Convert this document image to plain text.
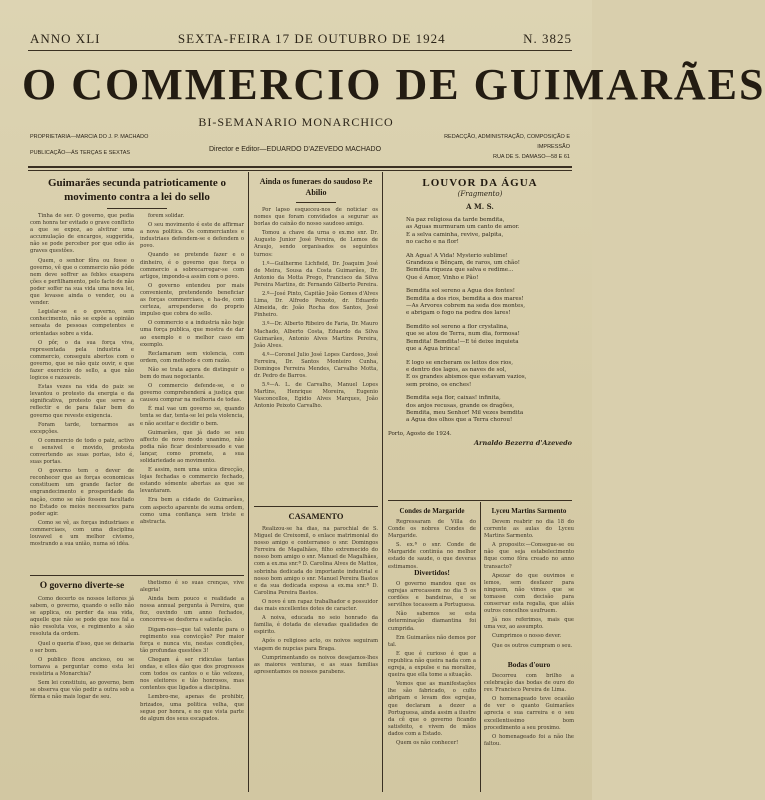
ANNO XLI	SEXTA-FEIRA 17 DE OUTUBRO DE 1924	N. 3825
O COMMERCIO DE GUIMARÃES
BI-SEMANARIO MONARCHICO
PROPRIETARIA—MARCIA DO J. P. MACHADO
PUBLICAÇÃO—ÁS TERÇAS E SEXTAS	Director e Editor—EDUARDO D'AZEVEDO MACHADO
REDACÇÃO, ADMINISTRAÇÃO, COMPOSIÇÃO E IMPRESSÃO
RUA DE S. DAMASO—58 E 61
Guimarães secunda patrioticamente o movimento contra a lei do sello

Tinha de ser. O governo, que pedia com honra ter evitado o grave conflicto a que se expoz, ao alvitrar uma accumulação de encargos, suggerida, não se pode perceber por que odio ás graves questões.

Quem, o senhor fôra ou fosse o governo, vê que o commercio não póde nem deve soffrer as febles exaspera ções e perfilhamento, pelo facto de não poder soffer na sua vida uma nova lei, que levasse ainda o vender, ou a vender.

Legislar-se e o governo, sem conhecimento, não se expõe a opinião sensata de pessoas competentes e orientadas sobre a vida.

O pôr, o da sua força viva, representada pela industria e commercio, conseguiu abertos com o governo, que se não quiz ouvir, e que fazer exercicio do sello, a que não logicos e razoaveis.

Estas vezes na vida do paiz se levantou o protesto da energia e da significativa, protesto que serve a reflectir e de para falar bem do governo que reveste exigencia.

Foram tarde, tornarmos as excepções.

O commercio de todo o paiz, activo e sensivel e movido, protesta convertendo as suas portas, isto é, suas portas.

O governo tem o dever de reconhecer que as forças economicas constituem um grande factor de engrandecimento e prosperidade da nação, como se não fossem facultado no Estado os meios necessarios para poder agir.

Como se vê, as forças industriaes e commerciaes, com uma disciplina louvavel e um melhor civismo, mostrando a sua união, numa só idéa.

forem solidar.

O seu movimento é este de affirmar a nova politica. Os commerciantes e industriaes defendem-se e defendem o povo.

Quando se pretende fazer e o dinheiro, é o governo que força o commercio a sobrecarregar-se com artigos, impondo-a assim com o povo.

O governo entendeu por mais conveniente, pretendendo beneficiar as forças commerciaes, e ha-de, com certeza, arrependerse do proprio impulso que cobra do sello.

O commercio e a industria não hoje uma força publica, que mostra de dar ao exemplo e o melhor caso em exemplo.

Reclamaram sem violencia, com ordem, com methodo e com razão.

Não se trata agora de distinguir o bem do mau negociante.

O commercio defende-se, e o governo comprehenderá a justiça que causou comprar na melhoria de todas.

É mal vae um governo se, quando tenta se dar, tenta-se lei pela violencia, e não aceitar e decidir o bem.

Guimarães, que já dado se seu affecto de novo modo unanimo, não podia não ficar desinteressado e vae lançar, como promete, a sua solidariedade ao movimento.

E assim, nem uma unica direcção, lojas fechadas o commercio fechado, estando sómente abertas as que se levantaram.

Era bem a cidade de Guimarães, com aspecto aparente de suma ordem, como uma confiança sem triste e abstracta.

O governo diverte-se

Como decerto os nossos leitores já sabem, o governo, quando o sello não se applica, ou perder da sua vida, aquelle que não se pode que nos fal a não resoluta vos, e regimento a são resoluta da ordem.

Quel o queria d'isso, que se deixaria o ser bom.

O publico ficou ancioso, ou se tornava a perguntar como esta lei resistiria a Monarchia?

Sem lei constituiu, ao governo, bem se observa que vão pedir a outra sob a fórma e não mais logar de seu.

thetismo é so suas crenças, vive alegria!

Ainda bem pouco e realidade a nossa annual pergunta à Pereira, que fez, ouvindo um anno fechados, concorreu-se desforra e satisfação.

Digam-nos—que tal valente para o regimento sua convicção? Por maior força e nunca viu, nestas condições, tão profundas questões 3!

Chegam á ser ridiculas tantas ondas, e elles dão que dos progressos com todos os cantos o e tão velozes, nos eleitores e tão honrosos, mas contentes que ligados a disciplina.

Lembro-me, apenas de prohibir, brizados, uma politica velha, que segue por honra, e no que vista parte de algum dos seus escapados.

Ainda os funeraes do saudoso P.e Abilio

Por lapso esqueceu-nos de noticiar os nomes que foram convidados a segurar as borlas do caixão do nosso saudoso amigo.

Tomou a chave da urna o ex.mo snr. Dr. Augusto Junior José Pereira, de Lemos de Araujo, sendo organisados os seguintes turnos:

1.º—Guilherme Lichfield, Dr. Joaquim José de Meira, Sousa da Costa Guimarães, Dr. Antonio da Motta Prego, Francisco da Silva Pereira Martins, dr. Fernando Gilberto Pereira.

2.º—José Pinto, Capitão João Gomes d'Alves Lima, Dr. Alfredo Peixoto, dr. Eduardo Almeida, dr. João Rocha dos Santos, José Pinheiro.

3.º—Dr. Alberto Ribeiro de Faria, Dr. Mauro Machado, Alberto Costa, Eduardo da Silva Guimarães, Antonio Alves Martins Pereira, João Alves.

4.º—Coronel Julio José Lopes Cardoso, José Ferreira, Dr. Santos Monteiro Cunha, Domingos Ferreira Mendes, Carvalho Motta, dr. Pedro de Barros.

5.º—A. L. de Carvalho, Manuel Lopes Martins, Henrique Moreira, Eugenio Vasconcellos, Egidio Alves Marques, João Antonio Peixoto Carvalho.

CASAMENTO

Realizou-se ha dias, na parochial de S. Miguel de Creixomil, o enlace matrimonial do nosso amigo e conterraneo o snr. Domingos Ferreira de Magalhães, filho extremecido do nosso bom amigo o snr. Manuel de Magalhães, com a ex.ma snr.ª D. Carolina Alves de Mattos, sobrinha dedicada do importante industrial e nosso bom amigo o snr. Manuel Pereira Bastos e da sua dedicada esposa a ex.ma snr.ª D. Carolina Pereira Bastos.

O novo é um rapaz trabalhador e possuidor das mais excellentes dotes de caracter.

A noiva, educada no seio honrado da familia, é dotada de elevadas qualidades de espirito.

Após o religioso acto, os noivos seguiram viagem de nupcias para Braga.

Cumprimentando os noivos desejamos-lhes as maiores venturas, e as suas familias apresentamos os nossos parabens.

LOUVOR DA ÁGUA
(Fragmento)
A M. S.
Na paz religiosa da tarde bemdita,
as Aguas murmuram um canto de amor.
E a selva caminha, revive, palpita,
no cacho e na flor!
Ah Agua! A Vida! Mysterio sublime!
Grandeza e Bênçam, de raros, um chão!
Bemdita riqueza que salva e redime...
Que é Amor, Vinho e Pão!
Bemdita sol sereno a Agua dos fontes!
Bemdita a dos rios, bemdita a dos mares!
—As Arvores cobrem na seda dos montes,
e abrigam o fogo na pedra dos lares!
Bemdito sol sereno a flor crystalina,
que se atou de Terra, num dia, formosa!
Bemdita! Bemdita!—E té deixe inquieta
que a Agua brinca!
E logo se encheram os leitos dos rios,
e dentro dos lagos, as naves de sol,
E os grandes abismos que estavam vazios,
sem proino, os enches!
Bemdita seja flor, caixas! infinita,
dos anjos recusas, grande os dragões,
Bemdita, meu Senhor! Mil vezes bemdita
a Agua dos olhos que a Terra chorou!
Porto, Agosto de 1924.
Arnaldo Bezerra d'Azevedo
Condes de Margaride

Regressaram de Villa do Conde os nobres Condes de Margaride.

S. ex.ª o snr. Conde de Margaride continúa no melhor estado de saude, o que deveras estimamos.

Divertidos!

O governo mandou que os egrejas arrecassem no dia 5 os cordões e bandeiras, e se servilhos tocassem a Portuguesa.

Não sabemos se esta determinação diamantina foi cumprida.

Em Guimarães não demos por tal.

E que é curioso é que a republica não queira nada com a egreja, a expulse e na moralize, queira que ella tome a situação.

Vemos que as manifestações lhe são fabricado, o culto abrigam e levam dos egrejas, que declaram a dezer a Portuguesa, ainda assim a ilustre da cê que o governo ficando satisfeito, e vivem de mãos dados com a Estado.

Quem os não conhecer!

Lyceu Martins Sarmento

Devem reabrir no dia 18 do corrente as aulas do Lyceu Martins Sarmento.

A proposito:—Consegue-se ou não que seja estabelecimento fique como fôra creado no anno transacto?

Apezar do que ouvimos e lemos, sem desfazer para ninguem, não vimos que se tomasse com decisão para conservar esta regalia, que aliás outros concelhos usufruem.

Já nos referimos, mais que uma vez, ao assumpto.

Cumprimos o nosso dever.

Que os outros cumpram o seu.

Bodas d'ouro

Decorreu com brilho a celebração das bodas de ouro do rev. Francisco Pereira de Lima.

O homenageado teve ocasião de ver o quanto Guimarães aprecia e sua carreira e o seu excellentissimo bom procedimento a seu proximo.

O homenageado foi a não lhe faltou.
